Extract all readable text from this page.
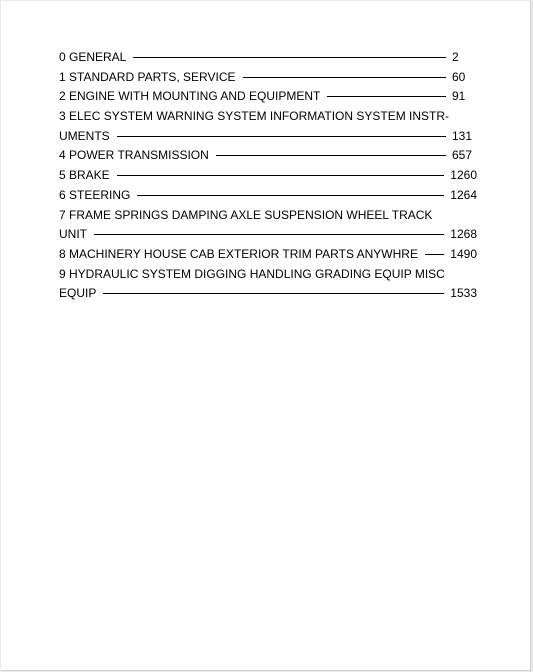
0 GENERAL	2
1 STANDARD PARTS, SERVICE	60
2 ENGINE WITH MOUNTING AND EQUIPMENT	91
3 ELEC SYSTEM WARNING SYSTEM INFORMATION SYSTEM INSTR-
UMENTS	131
4 POWER TRANSMISSION	657
5 BRAKE	1260
6 STEERING	1264
7 FRAME SPRINGS DAMPING AXLE SUSPENSION WHEEL TRACK
UNIT	1268
8 MACHINERY HOUSE CAB EXTERIOR TRIM PARTS ANYWHRE	1490
9 HYDRAULIC SYSTEM DIGGING HANDLING GRADING EQUIP MISC
EQUIP	1533
